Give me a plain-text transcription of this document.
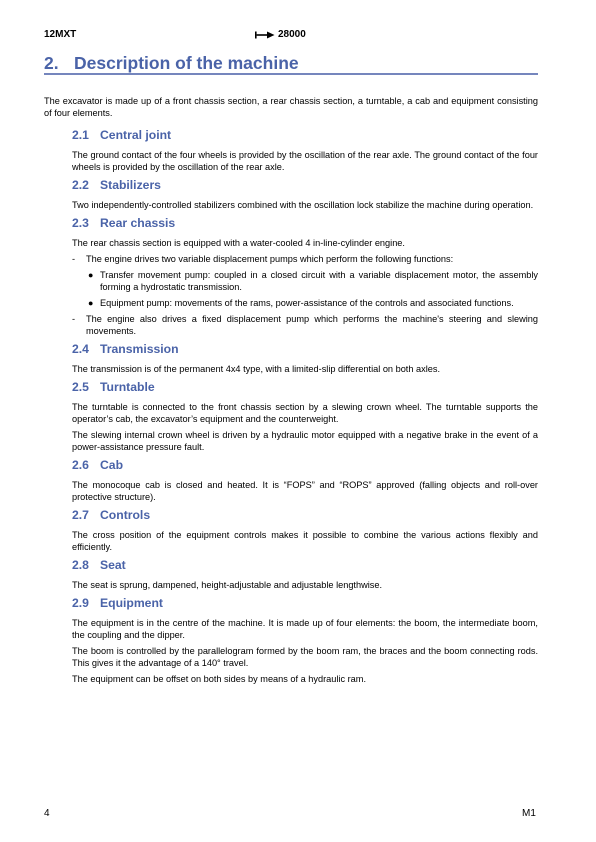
12MXT	28000
2. Description of the machine
The excavator is made up of a front chassis section, a rear chassis section, a turntable, a cab and equipment consisting of four elements.
2.1 Central joint

The ground contact of the four wheels is provided by the oscillation of the rear axle. The ground contact of the four wheels is provided by the oscillation of the rear axle.

2.2 Stabilizers

Two independently-controlled stabilizers combined with the oscillation lock stabilize the machine during operation.

2.3 Rear chassis

The rear chassis section is equipped with a water-cooled 4 in-line-cylinder engine.

- The engine drives two variable displacement pumps which perform the following functions:
● Transfer movement pump: coupled in a closed circuit with a variable displacement motor, the assembly forming a hydrostatic transmission.
● Equipment pump: movements of the rams, power-assistance of the controls and associated functions.
- The engine also drives a fixed displacement pump which performs the machine's steering and slewing movements.
2.4 Transmission

The transmission is of the permanent 4x4 type, with a limited-slip differential on both axles.

2.5 Turntable

The turntable is connected to the front chassis section by a slewing crown wheel. The turntable supports the operator’s cab, the excavator’s equipment and the counterweight.

The slewing internal crown wheel is driven by a hydraulic motor equipped with a negative brake in the event of a power-assistance pressure fault.

2.6 Cab

The monocoque cab is closed and heated. It is “FOPS” and “ROPS” approved (falling objects and roll-over protective structure).

2.7 Controls

The cross position of the equipment controls makes it possible to combine the various actions flexibly and efficiently.

2.8 Seat

The seat is sprung, dampened, height-adjustable and adjustable lengthwise.

2.9 Equipment

The equipment is in the centre of the machine. It is made up of four elements: the boom, the intermediate boom, the coupling and the dipper.

The boom is controlled by the parallelogram formed by the boom ram, the braces and the boom connecting rods. This gives it the advantage of a 140° travel.

The equipment can be offset on both sides by means of a hydraulic ram.

4	M1
